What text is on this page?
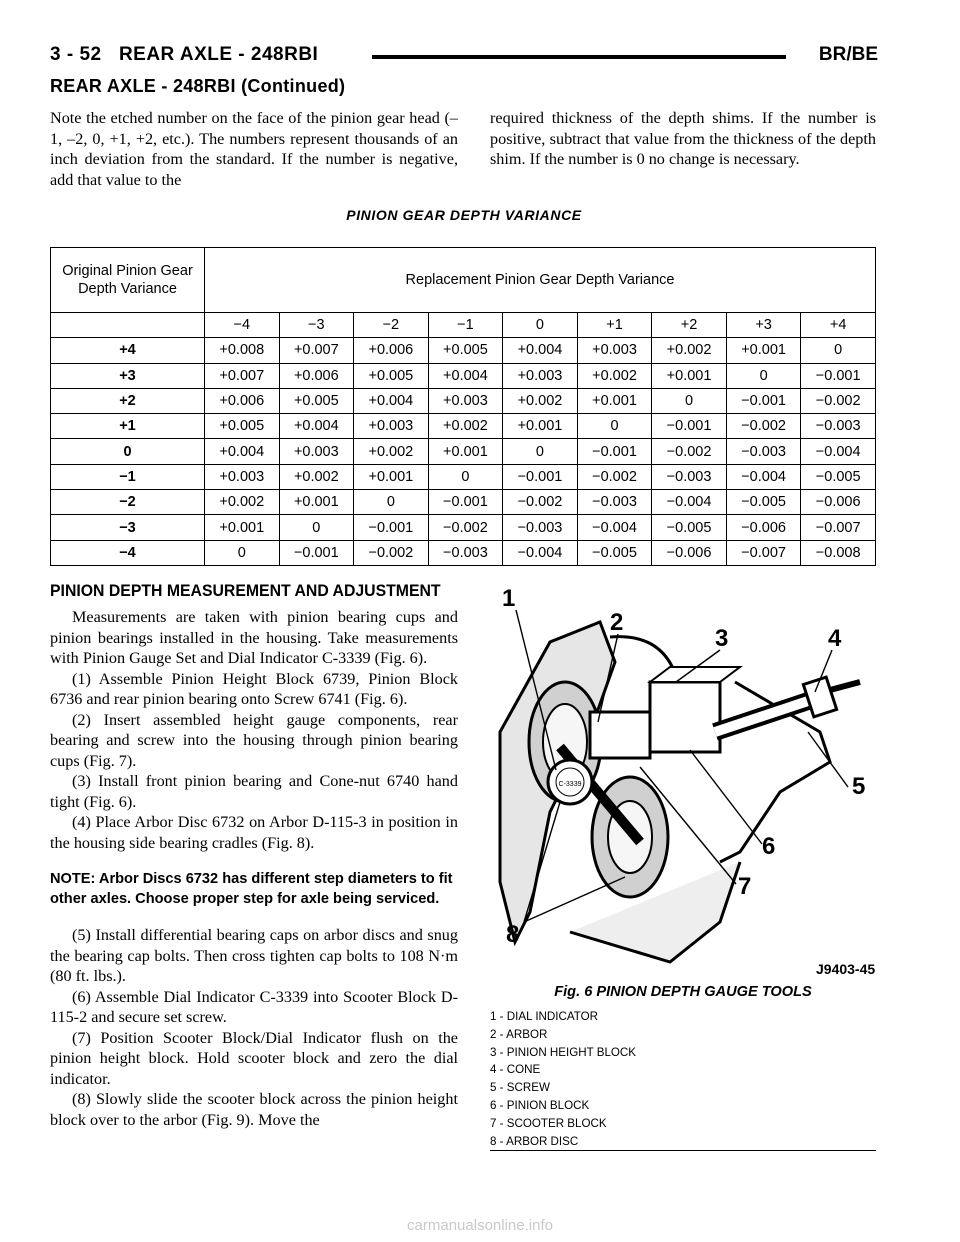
3 - 52 REAR AXLE - 248RBI	BR/BE
REAR AXLE - 248RBI (Continued)
Note the etched number on the face of the pinion gear head (–1, –2, 0, +1, +2, etc.). The numbers represent thousands of an inch deviation from the standard. If the number is negative, add that value to the
required thickness of the depth shims. If the number is positive, subtract that value from the thickness of the depth shim. If the number is 0 no change is necessary.
PINION GEAR DEPTH VARIANCE
Original Pinion Gear Depth Variance	Replacement Pinion Gear Depth Variance								
	−4	−3	−2	−1	0	+1	+2	+3	+4
+4	+0.008	+0.007	+0.006	+0.005	+0.004	+0.003	+0.002	+0.001	0
+3	+0.007	+0.006	+0.005	+0.004	+0.003	+0.002	+0.001	0	−0.001
+2	+0.006	+0.005	+0.004	+0.003	+0.002	+0.001	0	−0.001	−0.002
+1	+0.005	+0.004	+0.003	+0.002	+0.001	0	−0.001	−0.002	−0.003
0	+0.004	+0.003	+0.002	+0.001	0	−0.001	−0.002	−0.003	−0.004
−1	+0.003	+0.002	+0.001	0	−0.001	−0.002	−0.003	−0.004	−0.005
−2	+0.002	+0.001	0	−0.001	−0.002	−0.003	−0.004	−0.005	−0.006
−3	+0.001	0	−0.001	−0.002	−0.003	−0.004	−0.005	−0.006	−0.007
−4	0	−0.001	−0.002	−0.003	−0.004	−0.005	−0.006	−0.007	−0.008
PINION DEPTH MEASUREMENT AND ADJUSTMENT

Measurements are taken with pinion bearing cups and pinion bearings installed in the housing. Take measurements with Pinion Gauge Set and Dial Indicator C-3339 (Fig. 6).

(1) Assemble Pinion Height Block 6739, Pinion Block 6736 and rear pinion bearing onto Screw 6741 (Fig. 6).

(2) Insert assembled height gauge components, rear bearing and screw into the housing through pinion bearing cups (Fig. 7).

(3) Install front pinion bearing and Cone-nut 6740 hand tight (Fig. 6).

(4) Place Arbor Disc 6732 on Arbor D-115-3 in position in the housing side bearing cradles (Fig. 8).

NOTE: Arbor Discs 6732 has different step diameters to fit other axles. Choose proper step for axle being serviced.

(5) Install differential bearing caps on arbor discs and snug the bearing cap bolts. Then cross tighten cap bolts to 108 N·m (80 ft. lbs.).

(6) Assemble Dial Indicator C-3339 into Scooter Block D-115-2 and secure set screw.

(7) Position Scooter Block/Dial Indicator flush on the pinion height block. Hold scooter block and zero the dial indicator.

(8) Slowly slide the scooter block across the pinion height block over to the arbor (Fig. 9). Move the

C-3339
1
2
3	4
5
6
7
8
J9403-45
Fig. 6 PINION DEPTH GAUGE TOOLS
1 - DIAL INDICATOR
2 - ARBOR
3 - PINION HEIGHT BLOCK
4 - CONE
5 - SCREW
6 - PINION BLOCK
7 - SCOOTER BLOCK
8 - ARBOR DISC
carmanualsonline.info
